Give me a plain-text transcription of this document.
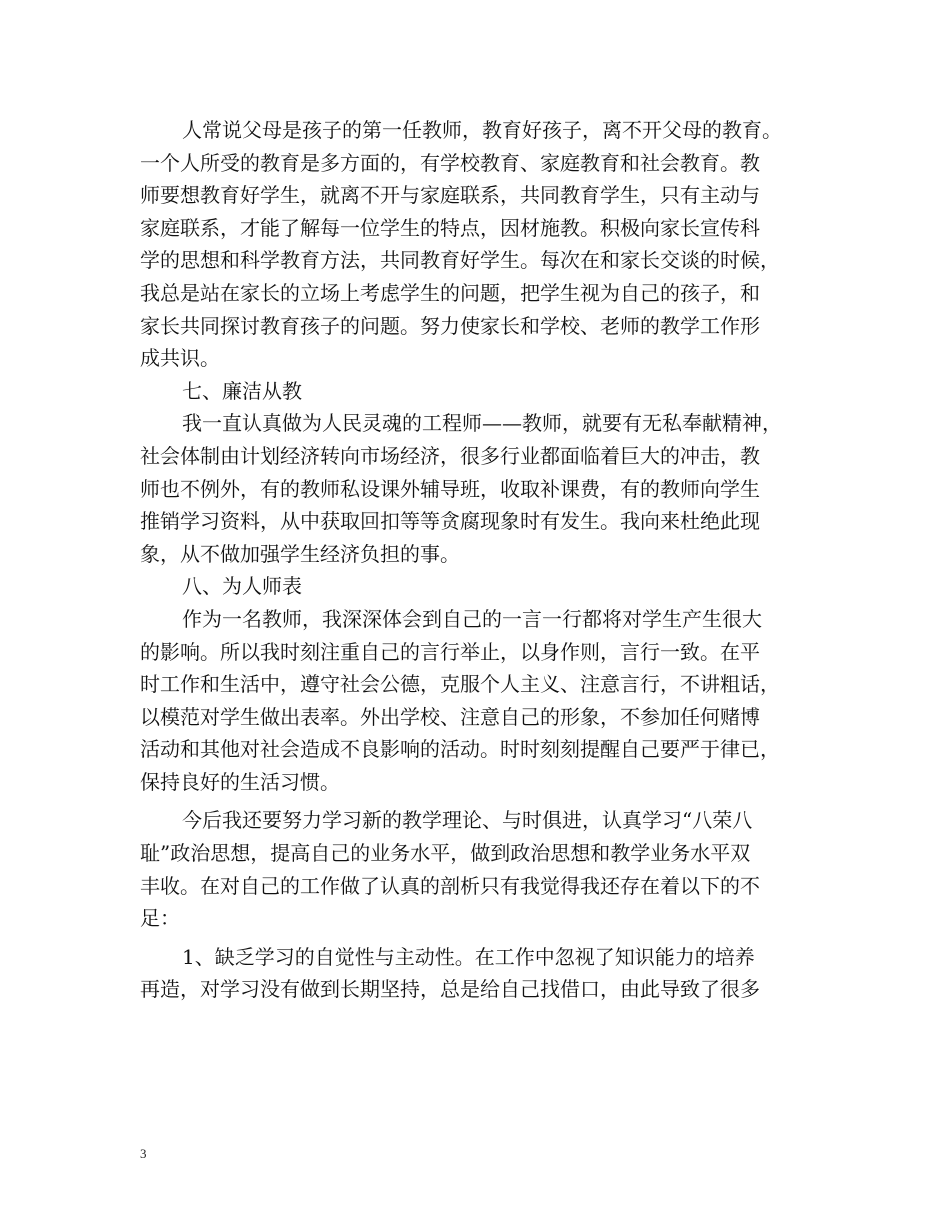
人常说父母是孩子的第一任教师，教育好孩子，离不开父母的教育。
一个人所受的教育是多方面的，有学校教育、家庭教育和社会教育。教
师要想教育好学生，就离不开与家庭联系，共同教育学生，只有主动与
家庭联系，才能了解每一位学生的特点，因材施教。积极向家长宣传科
学的思想和科学教育方法，共同教育好学生。每次在和家长交谈的时候，
我总是站在家长的立场上考虑学生的问题，把学生视为自己的孩子，和
家长共同探讨教育孩子的问题。努力使家长和学校、老师的教学工作形
成共识。
七、廉洁从教
我一直认真做为人民灵魂的工程师——教师，就要有无私奉献精神，
社会体制由计划经济转向市场经济，很多行业都面临着巨大的冲击，教
师也不例外，有的教师私设课外辅导班，收取补课费，有的教师向学生
推销学习资料，从中获取回扣等等贪腐现象时有发生。我向来杜绝此现
象，从不做加强学生经济负担的事。
八、为人师表
作为一名教师，我深深体会到自己的一言一行都将对学生产生很大
的影响。所以我时刻注重自己的言行举止，以身作则，言行一致。在平
时工作和生活中，遵守社会公德，克服个人主义、注意言行，不讲粗话，
以模范对学生做出表率。外出学校、注意自己的形象，不参加任何赌博
活动和其他对社会造成不良影响的活动。时时刻刻提醒自己要严于律已，
保持良好的生活习惯。
今后我还要努力学习新的教学理论、与时俱进，认真学习“八荣八
耻”政治思想，提高自己的业务水平，做到政治思想和教学业务水平双
丰收。在对自己的工作做了认真的剖析只有我觉得我还存在着以下的不
足：
1、缺乏学习的自觉性与主动性。在工作中忽视了知识能力的培养
再造，对学习没有做到长期坚持，总是给自己找借口，由此导致了很多
3
